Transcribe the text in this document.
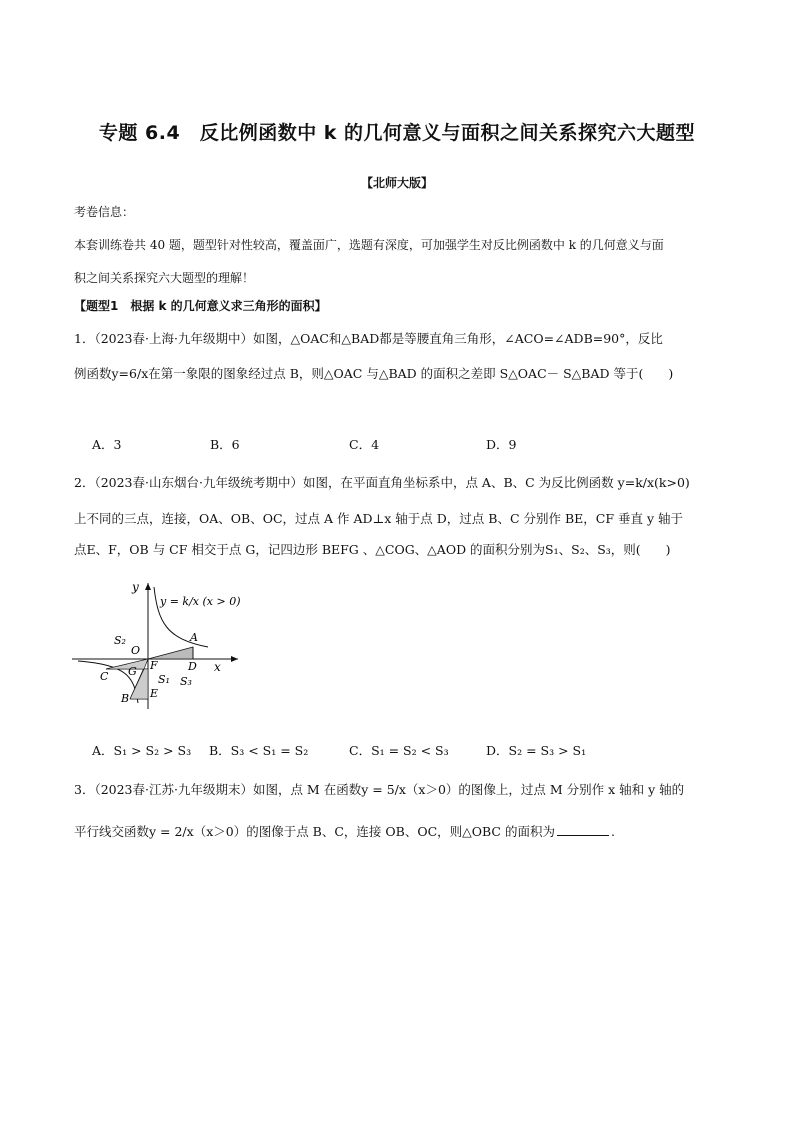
专题 6.4　反比例函数中 k 的几何意义与面积之间关系探究六大题型
【北师大版】
考卷信息：
本套训练卷共 40 题，题型针对性较高，覆盖面广，选题有深度，可加强学生对反比例函数中 k 的几何意义与面
积之间关系探究六大题型的理解！
【题型1　根据 k 的几何意义求三角形的面积】
1．（2023春·上海·九年级期中）如图，△OAC和△BAD都是等腰直角三角形，∠ACO=∠ADB=90°，反比
例函数y=6/x在第一象限的图象经过点 B，则△OAC 与△BAD 的面积之差即 S△OAC－ S△BAD 等于(　　)
A．3	B．6	C．4	D．9
2．（2023春·山东烟台·九年级统考期中）如图，在平面直角坐标系中，点 A、B、C 为反比例函数 y=k/x(k>0)
上不同的三点，连接，OA、OB、OC，过点 A 作 AD⊥x 轴于点 D，过点 B、C 分别作 BE，CF 垂直 y 轴于
点E、F，OB 与 CF 相交于点 G，记四边形 BEFG 、△COG、△AOD 的面积分别为S₁、S₂、S₃，则(　　)
y
x
y = k/x (x > 0)
O
A
D
C
B E
F
G
S₂
S₁ S₃
A．S₁ > S₂ > S₃ B．S₃ < S₁ = S₂	C．S₁ = S₂ < S₃	D．S₂ = S₃ > S₁
3．（2023春·江苏·九年级期末）如图，点 M 在函数y = 5/x（x＞0）的图像上，过点 M 分别作 x 轴和 y 轴的
平行线交函数y = 2/x（x＞0）的图像于点 B、C，连接 OB、OC，则△OBC 的面积为	.
